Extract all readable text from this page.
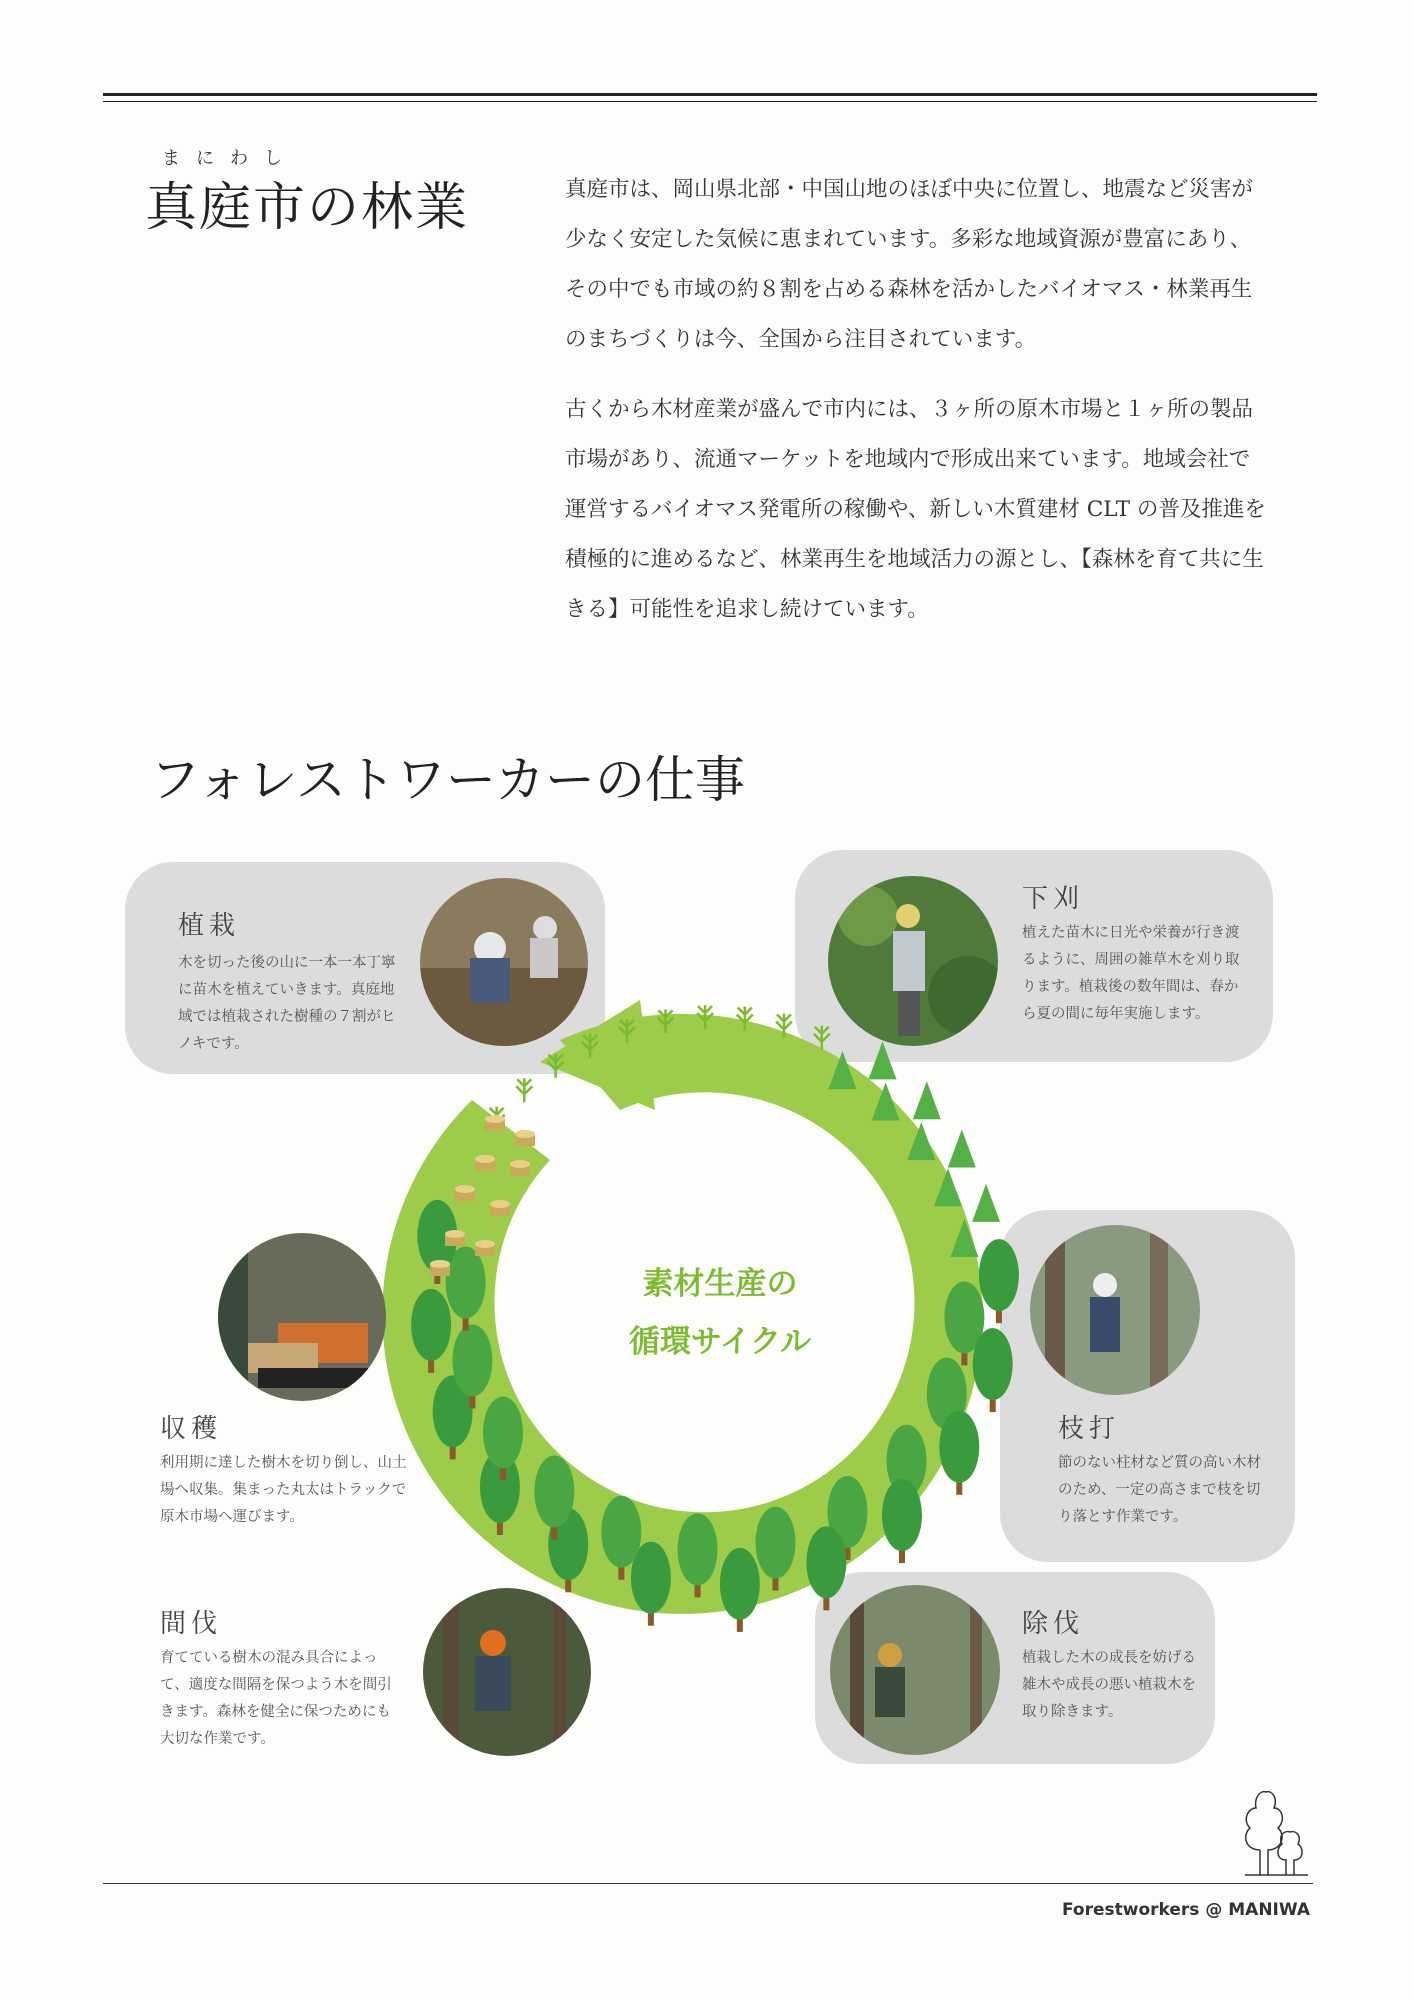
まにわし
真庭市の林業	真庭市は、岡山県北部・中国山地のほぼ中央に位置し、地震など災害が少なく安定した気候に恵まれています。多彩な地域資源が豊富にあり、その中でも市域の約８割を占める森林を活かしたバイオマス・林業再生のまちづくりは今、全国から注目されています。

古くから木材産業が盛んで市内には、３ヶ所の原木市場と１ヶ所の製品市場があり、流通マーケットを地域内で形成出来ています。地域会社で運営するバイオマス発電所の稼働や、新しい木質建材 CLT の普及推進を積極的に進めるなど、林業再生を地域活力の源とし、【森林を育て共に生きる】可能性を追求し続けています。

フォレストワーカーの仕事
素材生産の
循環サイクル
植栽
木を切った後の山に一本一本丁寧に苗木を植えていきます。真庭地域では植栽された樹種の７割がヒノキです。
下刈
植えた苗木に日光や栄養が行き渡るように、周囲の雑草木を刈り取ります。植栽後の数年間は、春から夏の間に毎年実施します。
枝打
節のない柱材など質の高い木材のため、一定の高さまで枝を切り落とす作業です。
除伐
植栽した木の成長を妨げる雑木や成長の悪い植栽木を取り除きます。
間伐
育てている樹木の混み具合によって、適度な間隔を保つよう木を間引きます。森林を健全に保つためにも大切な作業です。
収穫
利用期に達した樹木を切り倒し、山土場へ収集。集まった丸太はトラックで原木市場へ運びます。
Forestworkers @ MANIWA
